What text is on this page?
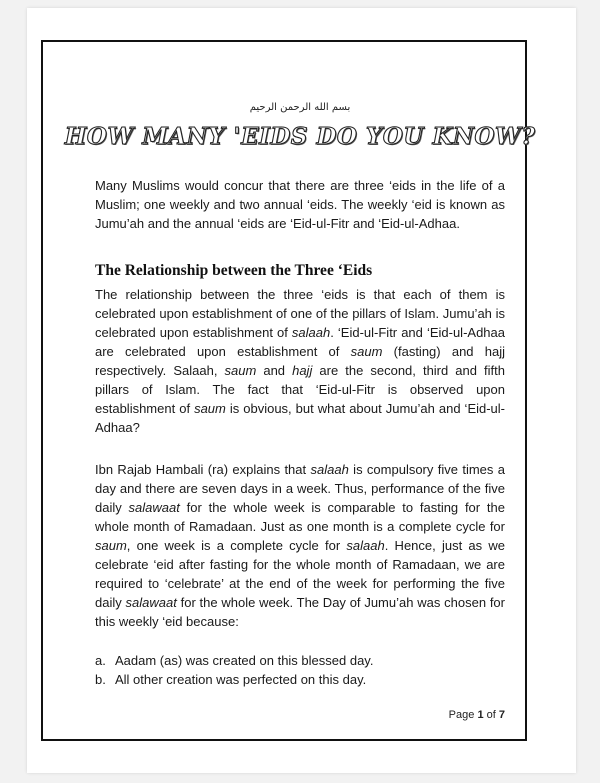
بسم الله الرحمن الرحيم
HOW MANY 'EIDS DO YOU KNOW?
Many Muslims would concur that there are three ‘eids in the life of a Muslim; one weekly and two annual ‘eids. The weekly ‘eid is known as Jumu’ah and the annual ‘eids are ‘Eid-ul-Fitr and ‘Eid-ul-Adhaa.
The Relationship between the Three ‘Eids
The relationship between the three ‘eids is that each of them is celebrated upon establishment of one of the pillars of Islam. Jumu’ah is celebrated upon establishment of salaah. ‘Eid-ul-Fitr and ‘Eid-ul-Adhaa are celebrated upon establishment of saum (fasting) and hajj respectively. Salaah, saum and hajj are the second, third and fifth pillars of Islam. The fact that ‘Eid-ul-Fitr is observed upon establishment of saum is obvious, but what about Jumu’ah and ‘Eid-ul-Adhaa?
Ibn Rajab Hambali (ra) explains that salaah is compulsory five times a day and there are seven days in a week. Thus, performance of the five daily salawaat for the whole week is comparable to fasting for the whole month of Ramadaan. Just as one month is a complete cycle for saum, one week is a complete cycle for salaah. Hence, just as we celebrate ‘eid after fasting for the whole month of Ramadaan, we are required to ‘celebrate’ at the end of the week for performing the five daily salawaat for the whole week. The Day of Jumu’ah was chosen for this weekly ‘eid because:
a. Aadam (as) was created on this blessed day.
b. All other creation was perfected on this day.
Page 1 of 7
